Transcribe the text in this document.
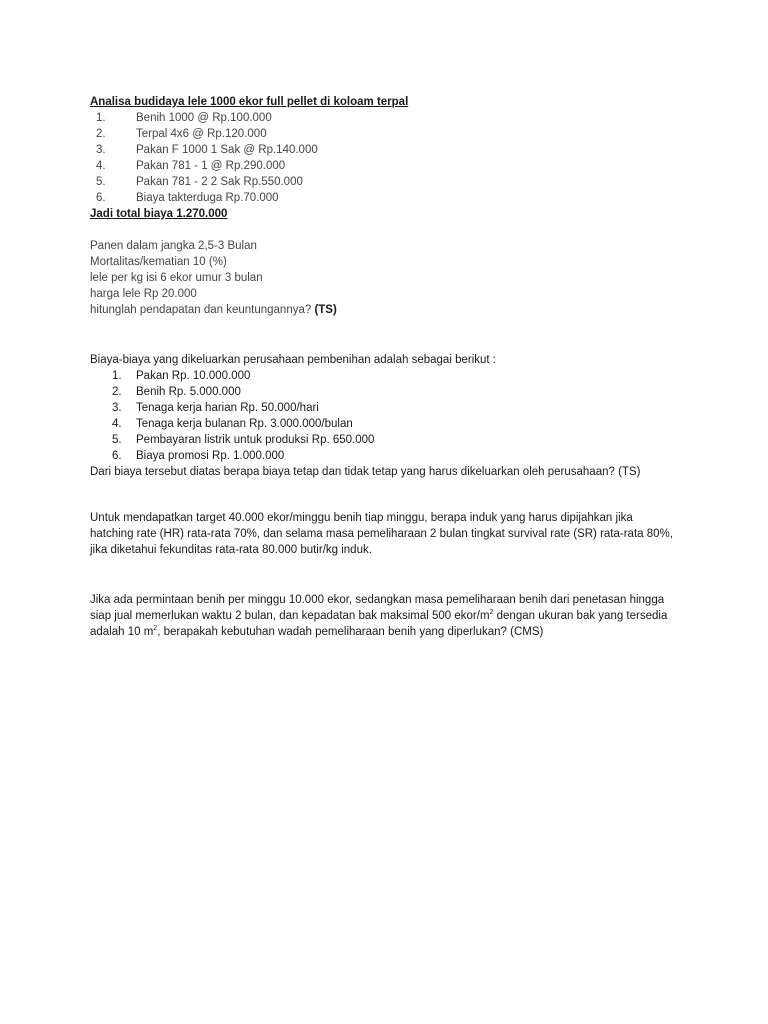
Analisa budidaya lele 1000 ekor full pellet di koloam terpal
1.	Benih 1000 @ Rp.100.000
2.	Terpal 4x6 @ Rp.120.000
3.	Pakan F 1000 1 Sak @ Rp.140.000
4.	Pakan 781 - 1 @ Rp.290.000
5.	Pakan 781 - 2 2 Sak Rp.550.000
6.	Biaya takterduga Rp.70.000
Jadi total biaya 1.270.000
Panen dalam jangka 2,5-3 Bulan
Mortalitas/kematian 10 (%)
lele per kg isi 6 ekor umur 3 bulan
harga lele Rp 20.000
hitunglah pendapatan dan keuntungannya? (TS)
Biaya-biaya yang dikeluarkan perusahaan pembenihan adalah sebagai berikut :
1.	Pakan Rp. 10.000.000
2.	Benih Rp. 5.000.000
3.	Tenaga kerja harian Rp. 50.000/hari
4.	Tenaga kerja bulanan Rp. 3.000.000/bulan
5.	Pembayaran listrik untuk produksi Rp. 650.000
6.	Biaya promosi Rp. 1.000.000
Dari biaya tersebut diatas berapa biaya tetap dan tidak tetap yang harus dikeluarkan oleh perusahaan? (TS)
Untuk mendapatkan target 40.000 ekor/minggu benih tiap minggu, berapa induk yang harus dipijahkan jika
hatching rate (HR) rata-rata 70%, dan selama masa pemeliharaan 2 bulan tingkat survival rate (SR) rata-rata 80%,
jika diketahui fekunditas rata-rata 80.000 butir/kg induk.
Jika ada permintaan benih per minggu 10.000 ekor, sedangkan masa pemeliharaan benih dari penetasan hingga
siap jual memerlukan waktu 2 bulan, dan kepadatan bak maksimal 500 ekor/$m^2$ dengan ukuran bak yang tersedia
adalah 10 $m^2$, berapakah kebutuhan wadah pemeliharaan benih yang diperlukan? (CMS)
